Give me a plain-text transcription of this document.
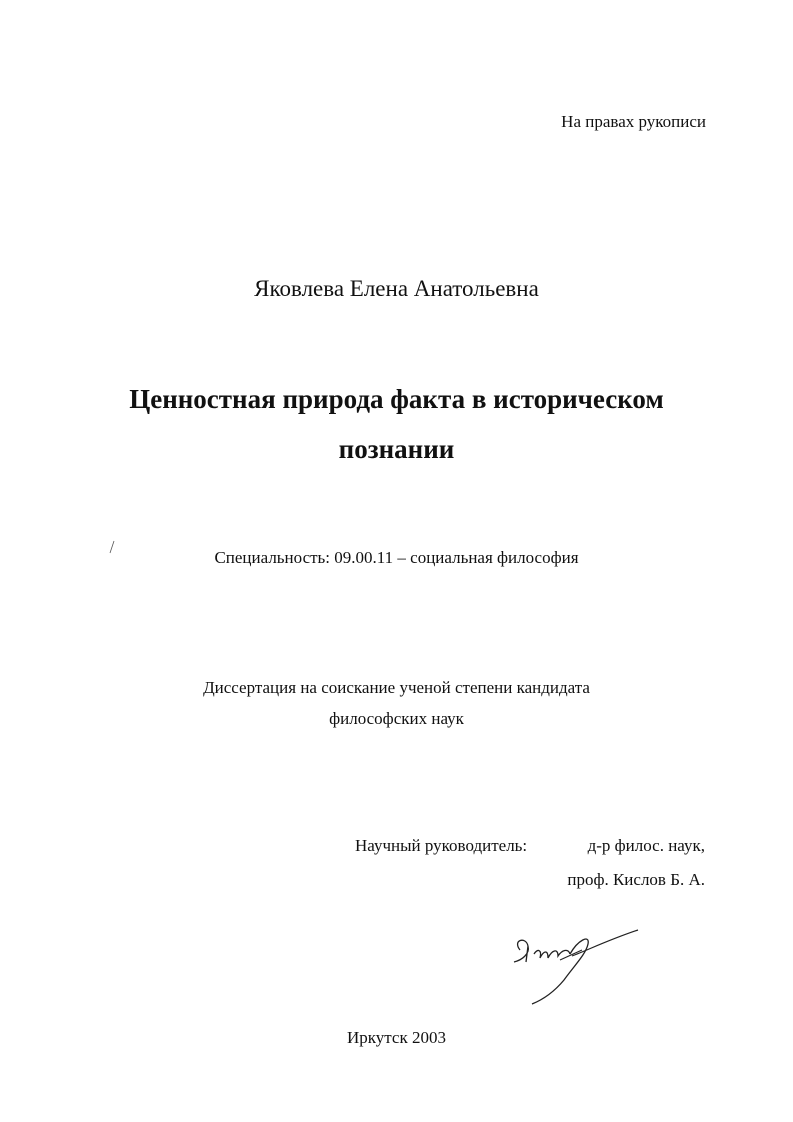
На правах рукописи
Яковлева Елена Анатольевна
Ценностная природа факта в историческом
познании
Специальность: 09.00.11 – социальная философия
Диссертация на соискание ученой степени кандидата
философских наук
Научный руководитель:	д-р филос. наук,
проф. Кислов Б. А.
Иркутск 2003
